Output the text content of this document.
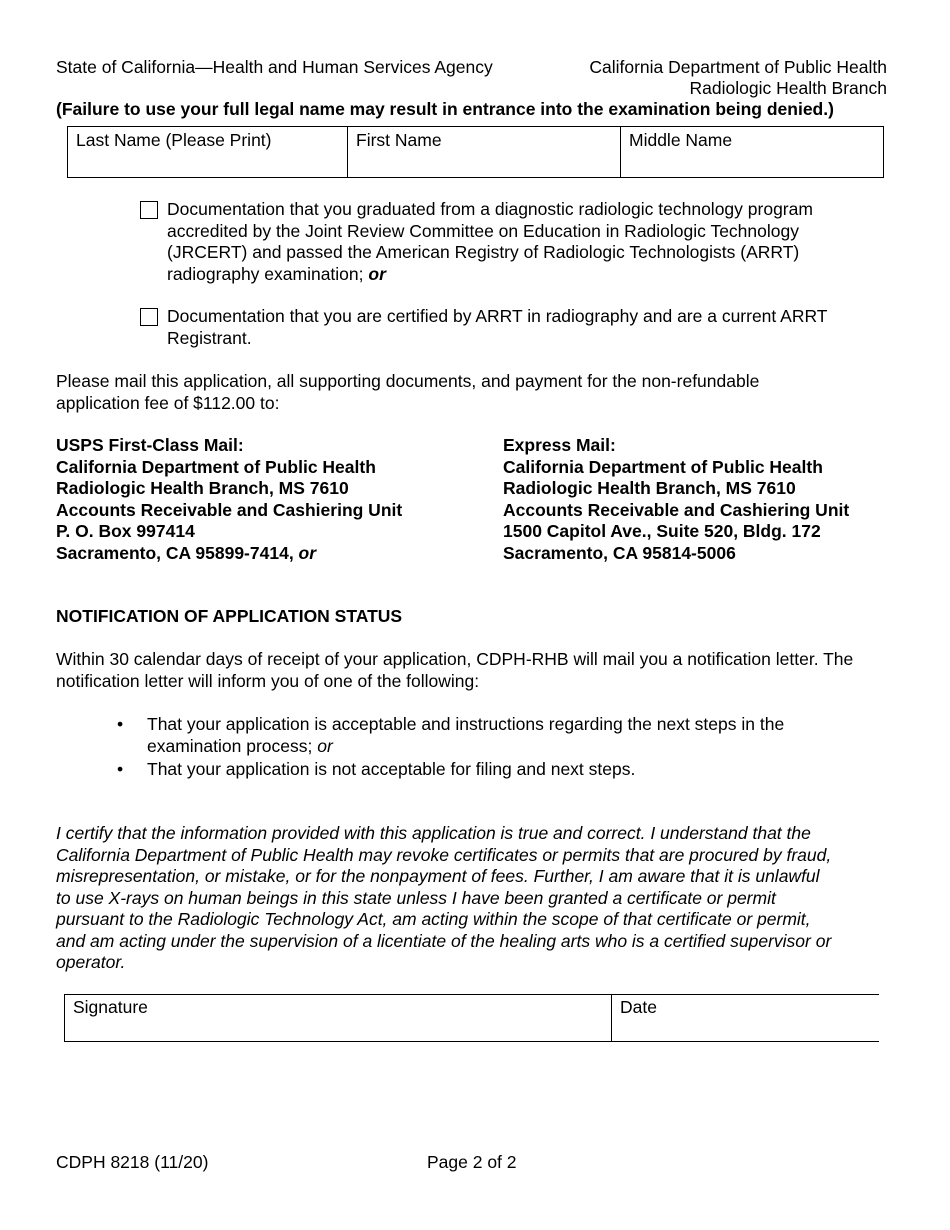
State of California—Health and Human Services Agency	California Department of Public Health
Radiologic Health Branch
(Failure to use your full legal name may result in entrance into the examination being denied.)
Last Name (Please Print)	First Name	Middle Name
Documentation that you graduated from a diagnostic radiologic technology program
accredited by the Joint Review Committee on Education in Radiologic Technology
(JRCERT) and passed the American Registry of Radiologic Technologists (ARRT)
radiography examination; or
Documentation that you are certified by ARRT in radiography and are a current ARRT
Registrant.
Please mail this application, all supporting documents, and payment for the non-refundable
application fee of $112.00 to:
USPS First-Class Mail:
California Department of Public Health
Radiologic Health Branch, MS 7610
Accounts Receivable and Cashiering Unit
P. O. Box 997414
Sacramento, CA 95899-7414, or
Express Mail:
California Department of Public Health
Radiologic Health Branch, MS 7610
Accounts Receivable and Cashiering Unit
1500 Capitol Ave., Suite 520, Bldg. 172
Sacramento, CA 95814-5006
NOTIFICATION OF APPLICATION STATUS
Within 30 calendar days of receipt of your application, CDPH-RHB will mail you a notification letter. The
notification letter will inform you of one of the following:
• That your application is acceptable and instructions regarding the next steps in the
examination process; or
• That your application is not acceptable for filing and next steps.
I certify that the information provided with this application is true and correct. I understand that the
California Department of Public Health may revoke certificates or permits that are procured by fraud,
misrepresentation, or mistake, or for the nonpayment of fees. Further, I am aware that it is unlawful
to use X-rays on human beings in this state unless I have been granted a certificate or permit
pursuant to the Radiologic Technology Act, am acting within the scope of that certificate or permit,
and am acting under the supervision of a licentiate of the healing arts who is a certified supervisor or
operator.
Signature	Date
CDPH 8218 (11/20)	Page 2 of 2
